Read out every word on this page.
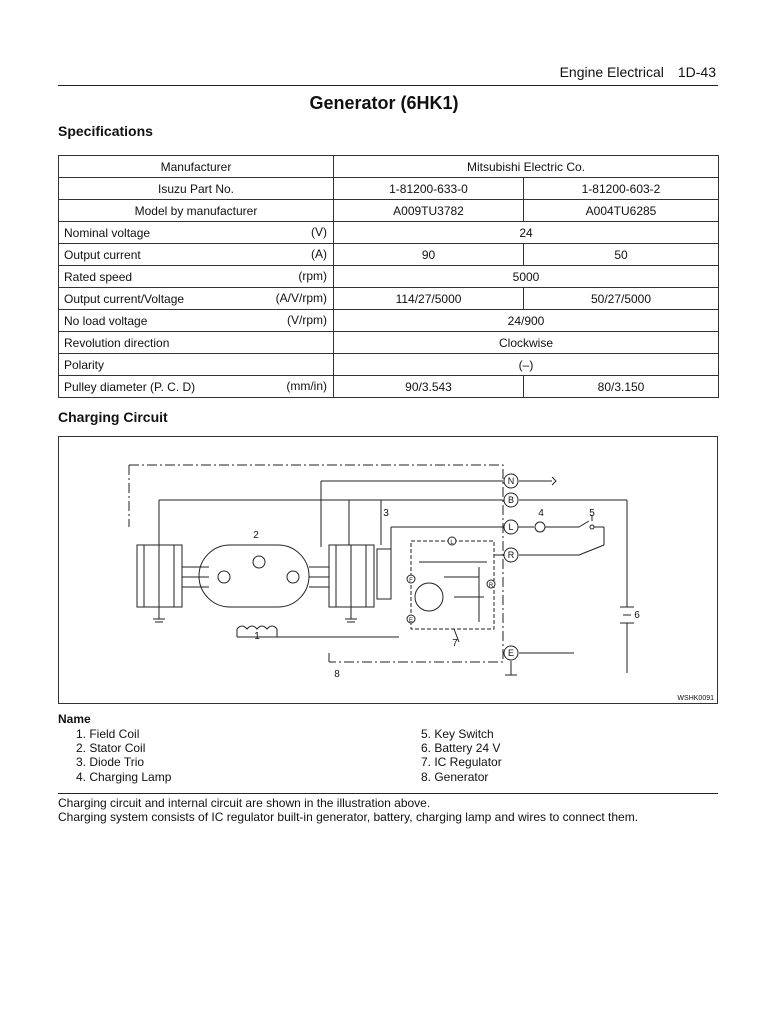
Engine Electrical 1D-43
Generator (6HK1)
Specifications
Manufacturer	Mitsubishi Electric Co.	
Isuzu Part No.	1-81200-633-0	1-81200-603-2
Model by manufacturer	A009TU3782	A004TU6285
Nominal voltage (V)	24	
Output current (A)	90	50
Rated speed (rpm)	5000	
Output current/Voltage (A/V/rpm)	114/27/5000	50/27/5000
No load voltage (V/rpm)	24/900	
Revolution direction	Clockwise	
Polarity	(–)	
Pulley diameter (P. C. D) (mm/in)	90/3.543	80/3.150
Charging Circuit
N
B
L
R
E
L
R
F
E
1
2
3	4	5
6
7
8
WSHK0091
Name
1. Field Coil
2. Stator Coil
3. Diode Trio
4. Charging Lamp
5. Key Switch
6. Battery 24 V
7. IC Regulator
8. Generator
Charging circuit and internal circuit are shown in the illustration above.
Charging system consists of IC regulator built-in generator, battery, charging lamp and wires to connect them.
